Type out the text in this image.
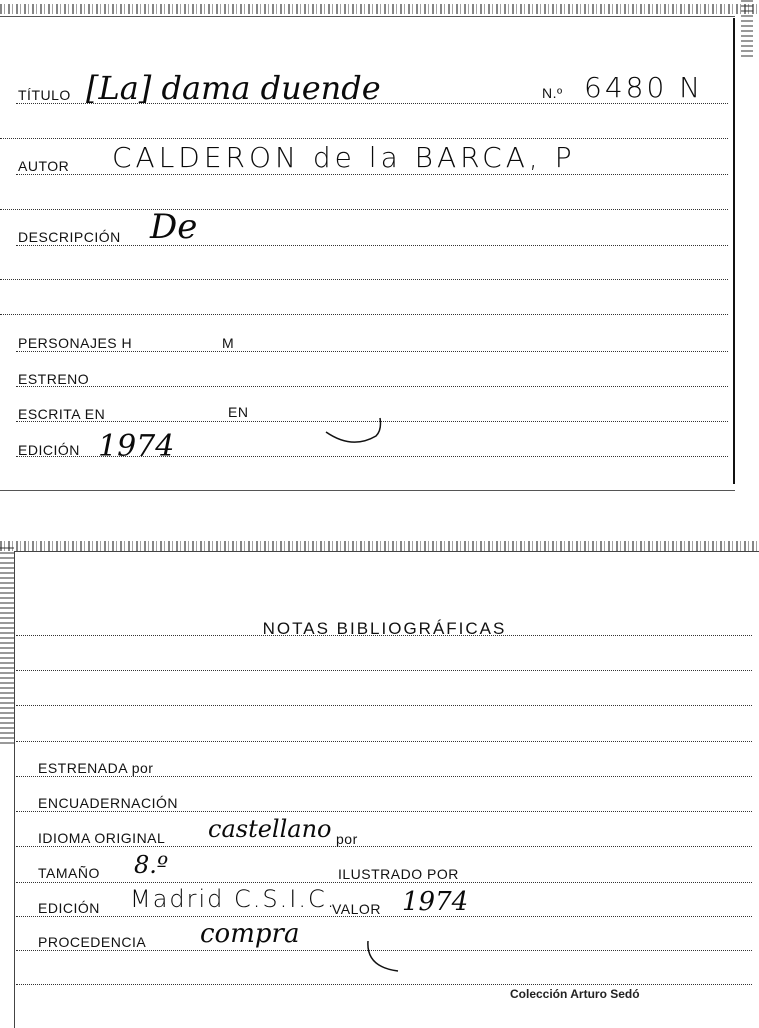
TÍTULO [La] dama duende	N.º 6480 N
AUTOR CALDERON de la BARCA, P
DESCRIPCIÓN De
PERSONAJES H	M
ESTRENO
ESCRITA EN	EN
EDICIÓN 1974
NOTAS BIBLIOGRÁFICAS
ESTRENADA por
ENCUADERNACIÓN
IDIOMA ORIGINAL castellano por
TAMAÑO 8.º	ILUSTRADO POR
EDICIÓN Madrid C.S.I.C.
VALOR 1974
PROCEDENCIA compra
Colección Arturo Sedó
